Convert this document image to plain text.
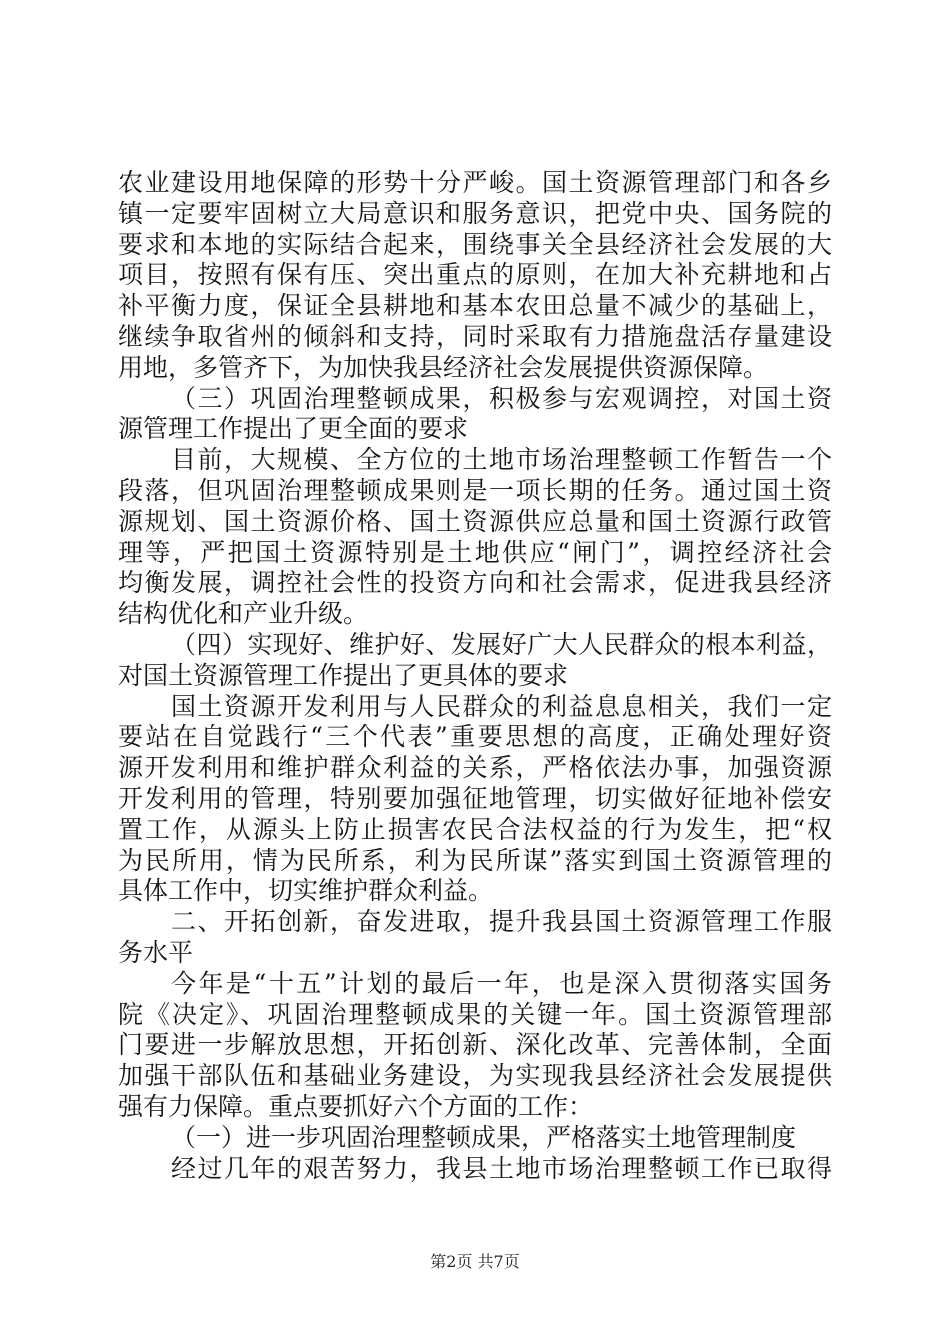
农业建设用地保障的形势十分严峻。国土资源管理部门和各乡
镇一定要牢固树立大局意识和服务意识，把党中央、国务院的
要求和本地的实际结合起来，围绕事关全县经济社会发展的大
项目，按照有保有压、突出重点的原则，在加大补充耕地和占
补平衡力度，保证全县耕地和基本农田总量不减少的基础上，
继续争取省州的倾斜和支持，同时采取有力措施盘活存量建设
用地，多管齐下，为加快我县经济社会发展提供资源保障。
（三）巩固治理整顿成果，积极参与宏观调控，对国土资
源管理工作提出了更全面的要求
目前，大规模、全方位的土地市场治理整顿工作暂告一个
段落，但巩固治理整顿成果则是一项长期的任务。通过国土资
源规划、国土资源价格、国土资源供应总量和国土资源行政管
理等，严把国土资源特别是土地供应“闸门”，调控经济社会
均衡发展，调控社会性的投资方向和社会需求，促进我县经济
结构优化和产业升级。
（四）实现好、维护好、发展好广大人民群众的根本利益，
对国土资源管理工作提出了更具体的要求
国土资源开发利用与人民群众的利益息息相关，我们一定
要站在自觉践行“三个代表”重要思想的高度，正确处理好资
源开发利用和维护群众利益的关系，严格依法办事，加强资源
开发利用的管理，特别要加强征地管理，切实做好征地补偿安
置工作，从源头上防止损害农民合法权益的行为发生，把“权
为民所用，情为民所系，利为民所谋”落实到国土资源管理的
具体工作中，切实维护群众利益。
二、开拓创新，奋发进取，提升我县国土资源管理工作服
务水平
今年是“十五”计划的最后一年，也是深入贯彻落实国务
院《决定》、巩固治理整顿成果的关键一年。国土资源管理部
门要进一步解放思想，开拓创新、深化改革、完善体制，全面
加强干部队伍和基础业务建设，为实现我县经济社会发展提供
强有力保障。重点要抓好六个方面的工作：
（一）进一步巩固治理整顿成果，严格落实土地管理制度
经过几年的艰苦努力，我县土地市场治理整顿工作已取得
第2页 共7页
